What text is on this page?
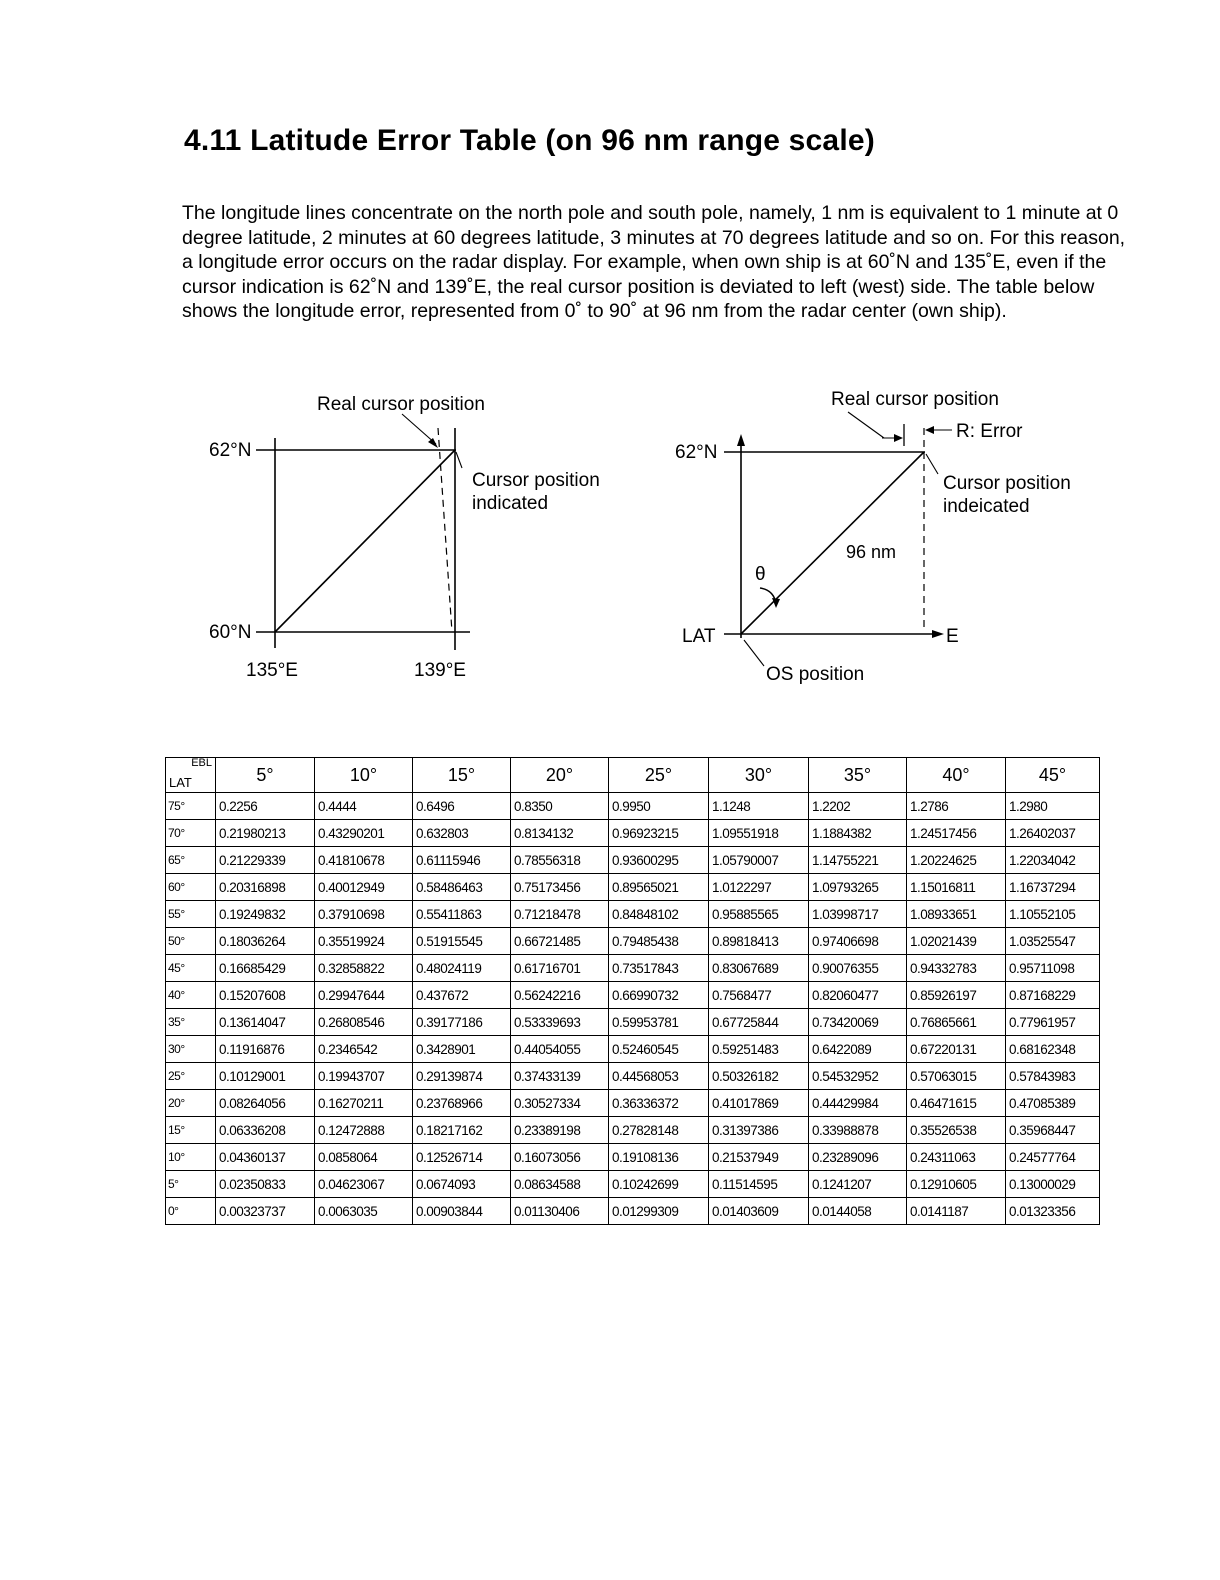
4.11 Latitude Error Table (on 96 nm range scale)

The longitude lines concentrate on the north pole and south pole, namely, 1 nm is equivalent to 1 minute at 0 degree latitude, 2 minutes at 60 degrees latitude, 3 minutes at 70 degrees latitude and so on. For this reason, a longitude error occurs on the radar display. For example, when own ship is at 60˚N and 135˚E, even if the cursor indication is 62˚N and 139˚E, the real cursor position is deviated to left (west) side. The table below shows the longitude error, represented from 0˚ to 90˚ at 96 nm from the radar center (own ship).

Real cursor position
62°N
60°N
135°E	139°E
Cursor position
indicated
Real cursor position
R: Error
62°N
LAT	E
Cursor position
indeicated
96 nm
θ
OS position
EBL
LAT	5°	10°	15°	20°	25°	30°	35°	40°	45°
75°	0.2256	0.4444	0.6496	0.8350	0.9950	1.1248	1.2202	1.2786	1.2980
70°	0.21980213	0.43290201	0.632803	0.8134132	0.96923215	1.09551918	1.1884382	1.24517456	1.26402037
65°	0.21229339	0.41810678	0.61115946	0.78556318	0.93600295	1.05790007	1.14755221	1.20224625	1.22034042
60°	0.20316898	0.40012949	0.58486463	0.75173456	0.89565021	1.0122297	1.09793265	1.15016811	1.16737294
55°	0.19249832	0.37910698	0.55411863	0.71218478	0.84848102	0.95885565	1.03998717	1.08933651	1.10552105
50°	0.18036264	0.35519924	0.51915545	0.66721485	0.79485438	0.89818413	0.97406698	1.02021439	1.03525547
45°	0.16685429	0.32858822	0.48024119	0.61716701	0.73517843	0.83067689	0.90076355	0.94332783	0.95711098
40°	0.15207608	0.29947644	0.437672	0.56242216	0.66990732	0.7568477	0.82060477	0.85926197	0.87168229
35°	0.13614047	0.26808546	0.39177186	0.53339693	0.59953781	0.67725844	0.73420069	0.76865661	0.77961957
30°	0.11916876	0.2346542	0.3428901	0.44054055	0.52460545	0.59251483	0.6422089	0.67220131	0.68162348
25°	0.10129001	0.19943707	0.29139874	0.37433139	0.44568053	0.50326182	0.54532952	0.57063015	0.57843983
20°	0.08264056	0.16270211	0.23768966	0.30527334	0.36336372	0.41017869	0.44429984	0.46471615	0.47085389
15°	0.06336208	0.12472888	0.18217162	0.23389198	0.27828148	0.31397386	0.33988878	0.35526538	0.35968447
10°	0.04360137	0.0858064	0.12526714	0.16073056	0.19108136	0.21537949	0.23289096	0.24311063	0.24577764
5°	0.02350833	0.04623067	0.0674093	0.08634588	0.10242699	0.11514595	0.1241207	0.12910605	0.13000029
0°	0.00323737	0.0063035	0.00903844	0.01130406	0.01299309	0.01403609	0.0144058	0.0141187	0.01323356
